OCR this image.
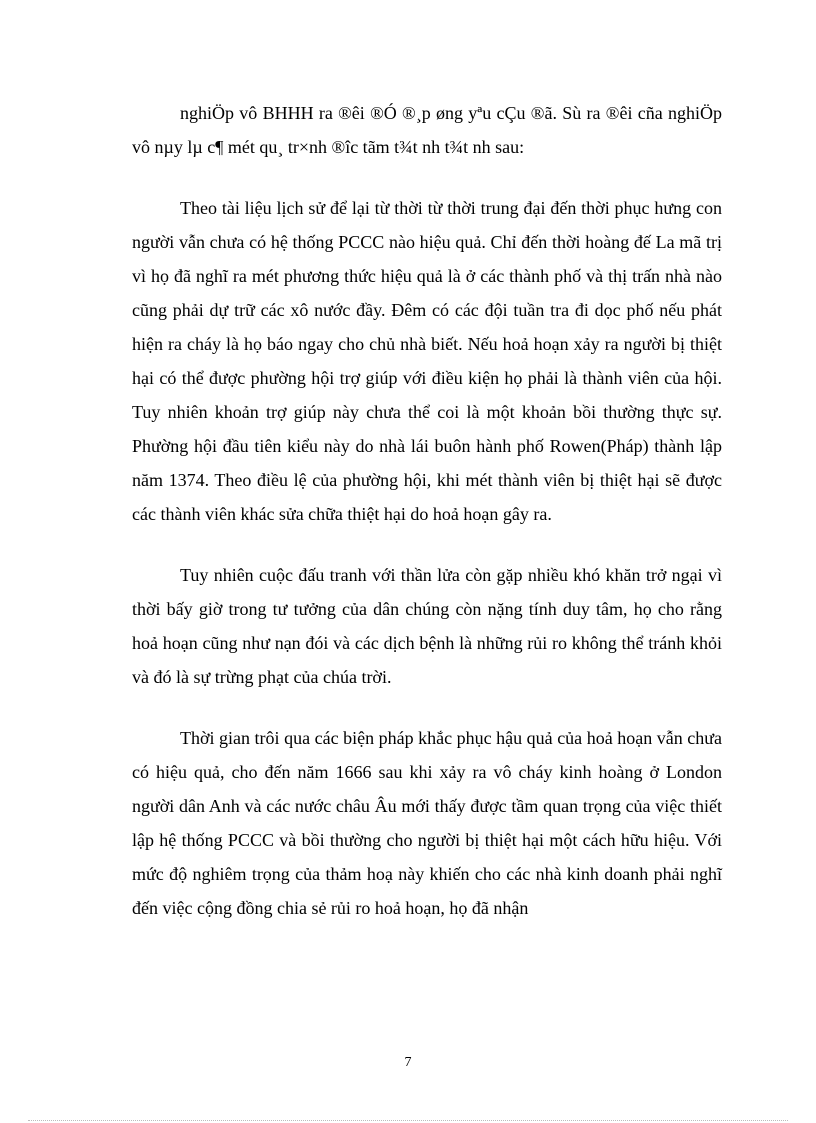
nghiÖp vô BHHH ra ®êi ®Ó ®¸p øng yªu cÇu ®ã. Sù ra ®êi cña nghiÖp vô nµy lµ c¶ mét qu¸ tr×nh ®îc tãm t¾t nh t¾t nh sau:

Theo tài liệu lịch sử để lại từ thời từ thời trung đại đến thời phục hưng con người vẫn chưa có hệ thống PCCC nào hiệu quả. Chỉ đến thời hoàng đế La mã trị vì họ đã nghĩ ra mét phương thức hiệu quả là ở các thành phố và thị trấn nhà nào cũng phải dự trữ các xô nước đầy. Đêm có các đội tuần tra đi dọc phố nếu phát hiện ra cháy là họ báo ngay cho chủ nhà biết. Nếu hoả hoạn xảy ra người bị thiệt hại có thể được phường hội trợ giúp với điều kiện họ phải là thành viên của hội. Tuy nhiên khoản trợ giúp này chưa thể coi là một khoản bồi thường thực sự. Phường hội đầu tiên kiểu này do nhà lái buôn hành phố Rowen(Pháp) thành lập năm 1374. Theo điều lệ của phường hội, khi mét thành viên bị thiệt hại sẽ được các thành viên khác sửa chữa thiệt hại do hoả hoạn gây ra.

Tuy nhiên cuộc đấu tranh với thần lửa còn gặp nhiều khó khăn trở ngại vì thời bấy giờ trong tư tưởng của dân chúng còn nặng tính duy tâm, họ cho rằng hoả hoạn cũng như nạn đói và các dịch bệnh là những rủi ro không thể tránh khỏi và đó là sự trừng phạt của chúa trời.

Thời gian trôi qua các biện pháp khắc phục hậu quả của hoả hoạn vẫn chưa có hiệu quả, cho đến năm 1666 sau khi xảy ra vô cháy kinh hoàng ở London người dân Anh và các nước châu Âu mới thấy được tầm quan trọng của việc thiết lập hệ thống PCCC và bồi thường cho người bị thiệt hại một cách hữu hiệu. Với mức độ nghiêm trọng của thảm hoạ này khiến cho các nhà kinh doanh phải nghĩ đến việc cộng đồng chia sẻ rủi ro hoả hoạn, họ đã nhận

7
